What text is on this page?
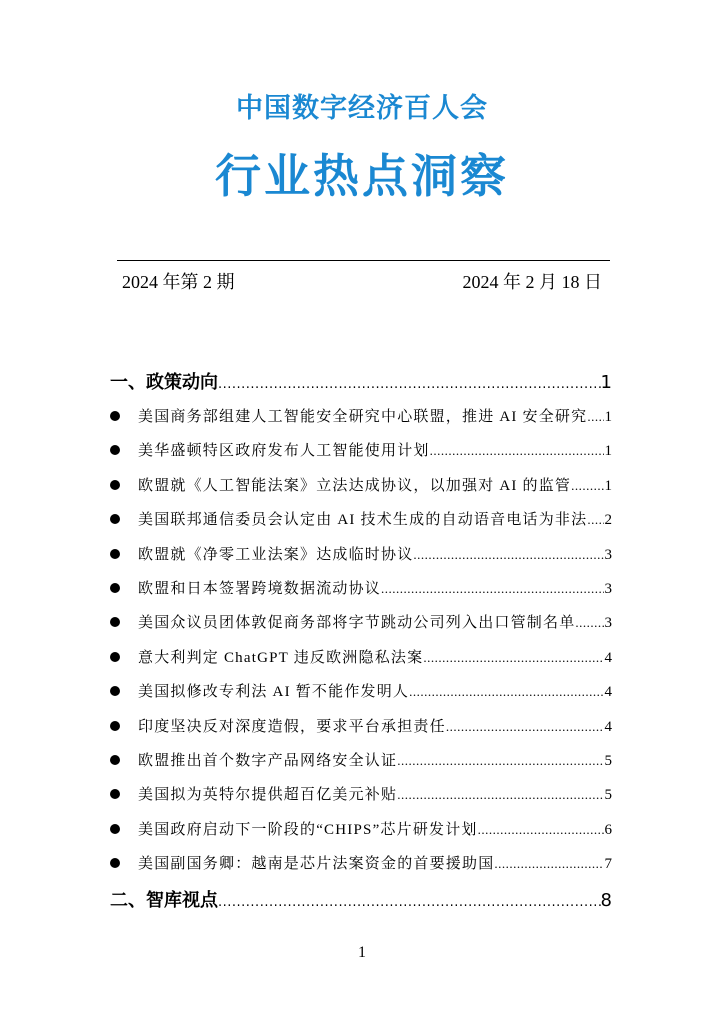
中国数字经济百人会
行业热点洞察
2024 年第 2 期	2024 年 2 月 18 日
一、政策动向 .....	1
美国商务部组建人工智能安全研究中心联盟，推进 AI 安全研究 ..... 1
美华盛顿特区政府发布人工智能使用计划 .....	1
欧盟就《人工智能法案》立法达成协议，以加强对 AI 的监管 ..... 1
美国联邦通信委员会认定由 AI 技术生成的自动语音电话为非法 ..... 2
欧盟就《净零工业法案》达成临时协议 .....	3
欧盟和日本签署跨境数据流动协议 .....	3
美国众议员团体敦促商务部将字节跳动公司列入出口管制名单 ..... 3
意大利判定 ChatGPT 违反欧洲隐私法案 .....	4
美国拟修改专利法 AI 暂不能作发明人 .....	4
印度坚决反对深度造假，要求平台承担责任 .....	4
欧盟推出首个数字产品网络安全认证 .....	5
美国拟为英特尔提供超百亿美元补贴 .....	5
美国政府启动下一阶段的“CHIPS”芯片研发计划 .....	6
美国副国务卿：越南是芯片法案资金的首要援助国 .....	7
二、智库视点 .....	8
1
